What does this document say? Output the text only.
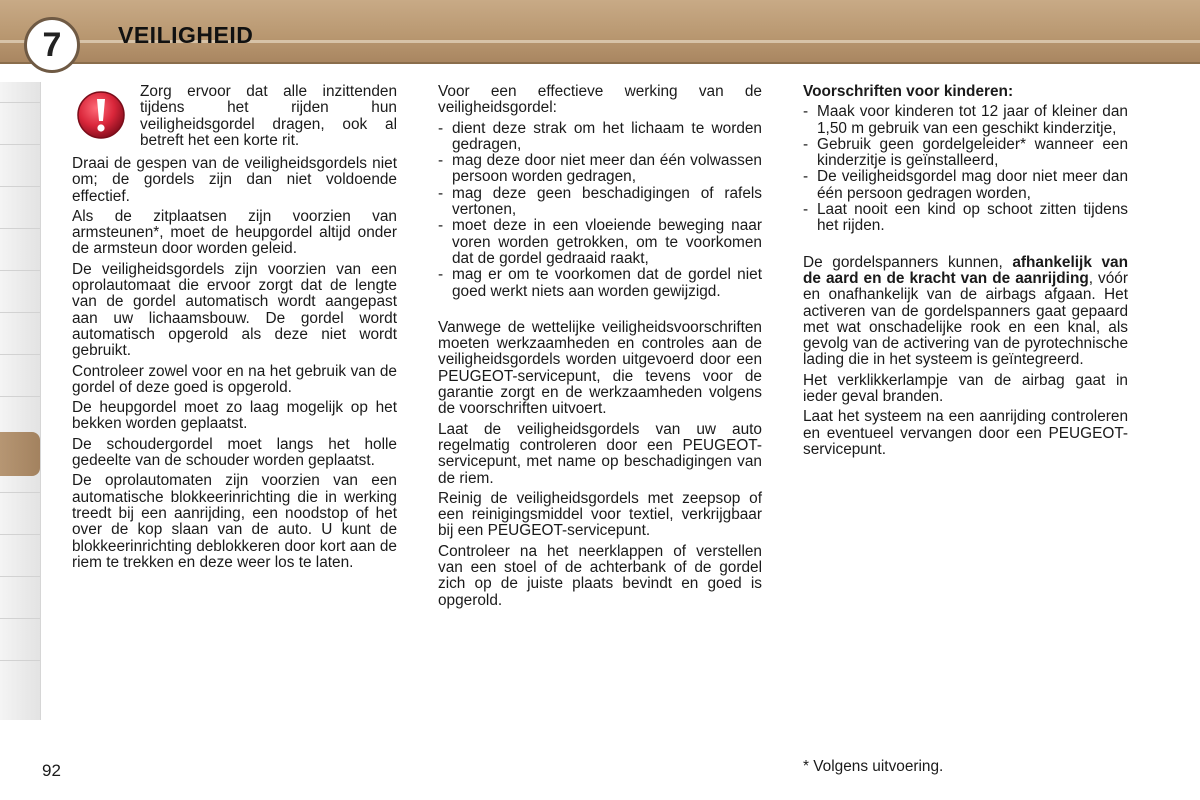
7	VEILIGHEID
Zorg ervoor dat alle inzittenden tijdens het rijden hun veiligheidsgordel dragen, ook al betreft het een korte rit.

Draai de gespen van de veiligheidsgordels niet om; de gordels zijn dan niet voldoende effectief.

Als de zitplaatsen zijn voorzien van armsteunen*, moet de heupgordel altijd onder de armsteun door worden geleid.

De veiligheidsgordels zijn voorzien van een oprolautomaat die ervoor zorgt dat de lengte van de gordel automatisch wordt aangepast aan uw lichaamsbouw. De gordel wordt automatisch opgerold als deze niet wordt gebruikt.

Controleer zowel voor en na het gebruik van de gordel of deze goed is opgerold.

De heupgordel moet zo laag mogelijk op het bekken worden geplaatst.

De schoudergordel moet langs het holle gedeelte van de schouder worden geplaatst.

De oprolautomaten zijn voorzien van een automatische blokkeerinrichting die in werking treedt bij een aanrijding, een noodstop of het over de kop slaan van de auto. U kunt de blokkeerinrichting deblokkeren door kort aan de riem te trekken en deze weer los te laten.

Voor een effectieve werking van de veiligheidsgordel:

- dient deze strak om het lichaam te worden gedragen,
- mag deze door niet meer dan één volwassen persoon worden gedragen,
- mag deze geen beschadigingen of rafels vertonen,
- moet deze in een vloeiende beweging naar voren worden getrokken, om te voorkomen dat de gordel gedraaid raakt,
- mag er om te voorkomen dat de gordel niet goed werkt niets aan worden gewijzigd.

Vanwege de wettelijke veiligheidsvoorschriften moeten werkzaamheden en controles aan de veiligheidsgordels worden uitgevoerd door een PEUGEOT-servicepunt, die tevens voor de garantie zorgt en de werkzaamheden volgens de voorschriften uitvoert.

Laat de veiligheidsgordels van uw auto regelmatig controleren door een PEUGEOT-servicepunt, met name op beschadigingen van de riem.

Reinig de veiligheidsgordels met zeepsop of een reinigingsmiddel voor textiel, verkrijgbaar bij een PEUGEOT-servicepunt.

Controleer na het neerklappen of verstellen van een stoel of de achterbank of de gordel zich op de juiste plaats bevindt en goed is opgerold.

Voorschriften voor kinderen:

- Maak voor kinderen tot 12 jaar of kleiner dan 1,50 m gebruik van een geschikt kinderzitje,
- Gebruik geen gordelgeleider* wanneer een kinderzitje is geïnstalleerd,
- De veiligheidsgordel mag door niet meer dan één persoon gedragen worden,
- Laat nooit een kind op schoot zitten tijdens het rijden.

De gordelspanners kunnen, afhankelijk van de aard en de kracht van de aanrijding, vóór en onafhankelijk van de airbags afgaan. Het activeren van de gordelspanners gaat gepaard met wat onschadelijke rook en een knal, als gevolg van de activering van de pyrotechnische lading die in het systeem is geïntegreerd.

Het verklikkerlampje van de airbag gaat in ieder geval branden.

Laat het systeem na een aanrijding controleren en eventueel vervangen door een PEUGEOT-servicepunt.

92	* Volgens uitvoering.
